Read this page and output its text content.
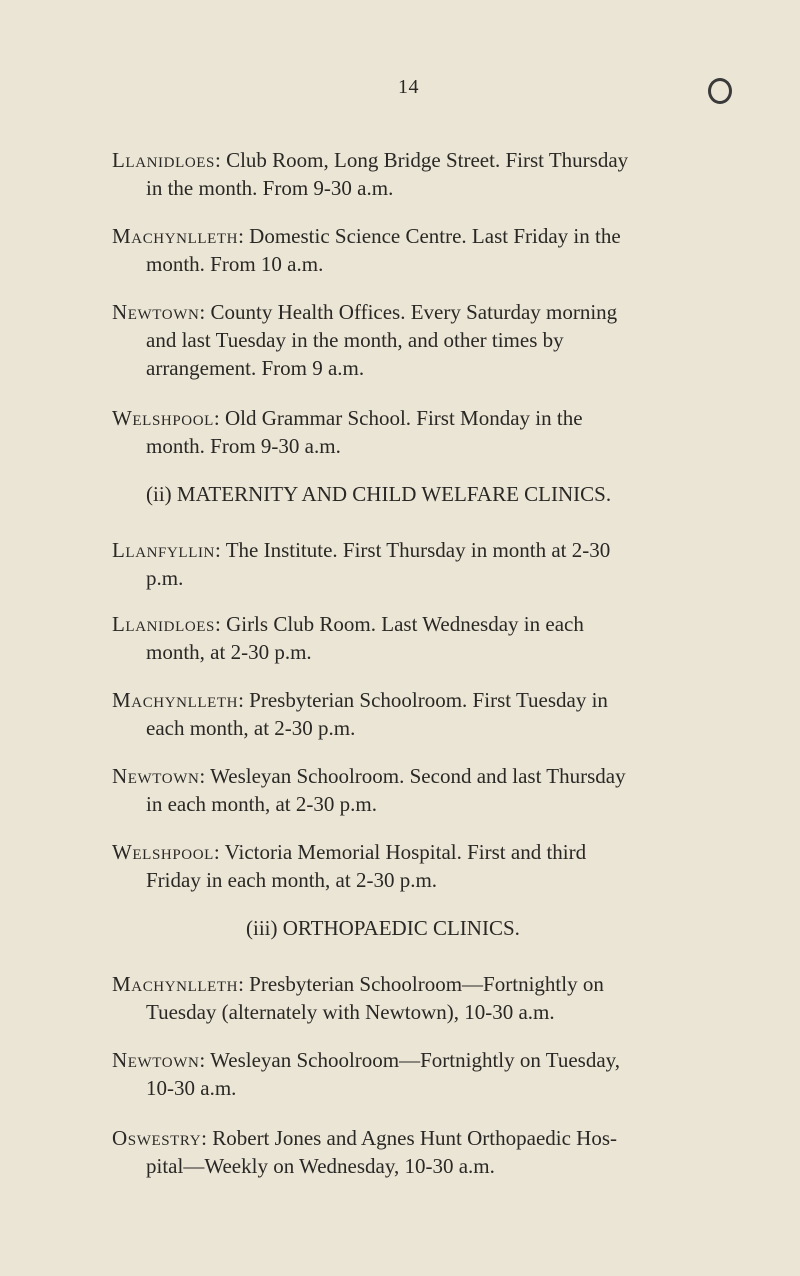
14
Llanidloes: Club Room, Long Bridge Street. First Thursday
in the month. From 9-30 a.m.
Machynlleth: Domestic Science Centre. Last Friday in the
month. From 10 a.m.
Newtown: County Health Offices. Every Saturday morning
and last Tuesday in the month, and other times by
arrangement. From 9 a.m.
Welshpool: Old Grammar School. First Monday in the
month. From 9-30 a.m.
(ii) MATERNITY AND CHILD WELFARE CLINICS.
Llanfyllin: The Institute. First Thursday in month at 2-30
p.m.
Llanidloes: Girls Club Room. Last Wednesday in each
month, at 2-30 p.m.
Machynlleth: Presbyterian Schoolroom. First Tuesday in
each month, at 2-30 p.m.
Newtown: Wesleyan Schoolroom. Second and last Thursday
in each month, at 2-30 p.m.
Welshpool: Victoria Memorial Hospital. First and third
Friday in each month, at 2-30 p.m.
(iii) ORTHOPAEDIC CLINICS.
Machynlleth: Presbyterian Schoolroom—Fortnightly on
Tuesday (alternately with Newtown), 10-30 a.m.
Newtown: Wesleyan Schoolroom—Fortnightly on Tuesday,
10-30 a.m.
Oswestry: Robert Jones and Agnes Hunt Orthopaedic Hos-
pital—Weekly on Wednesday, 10-30 a.m.
